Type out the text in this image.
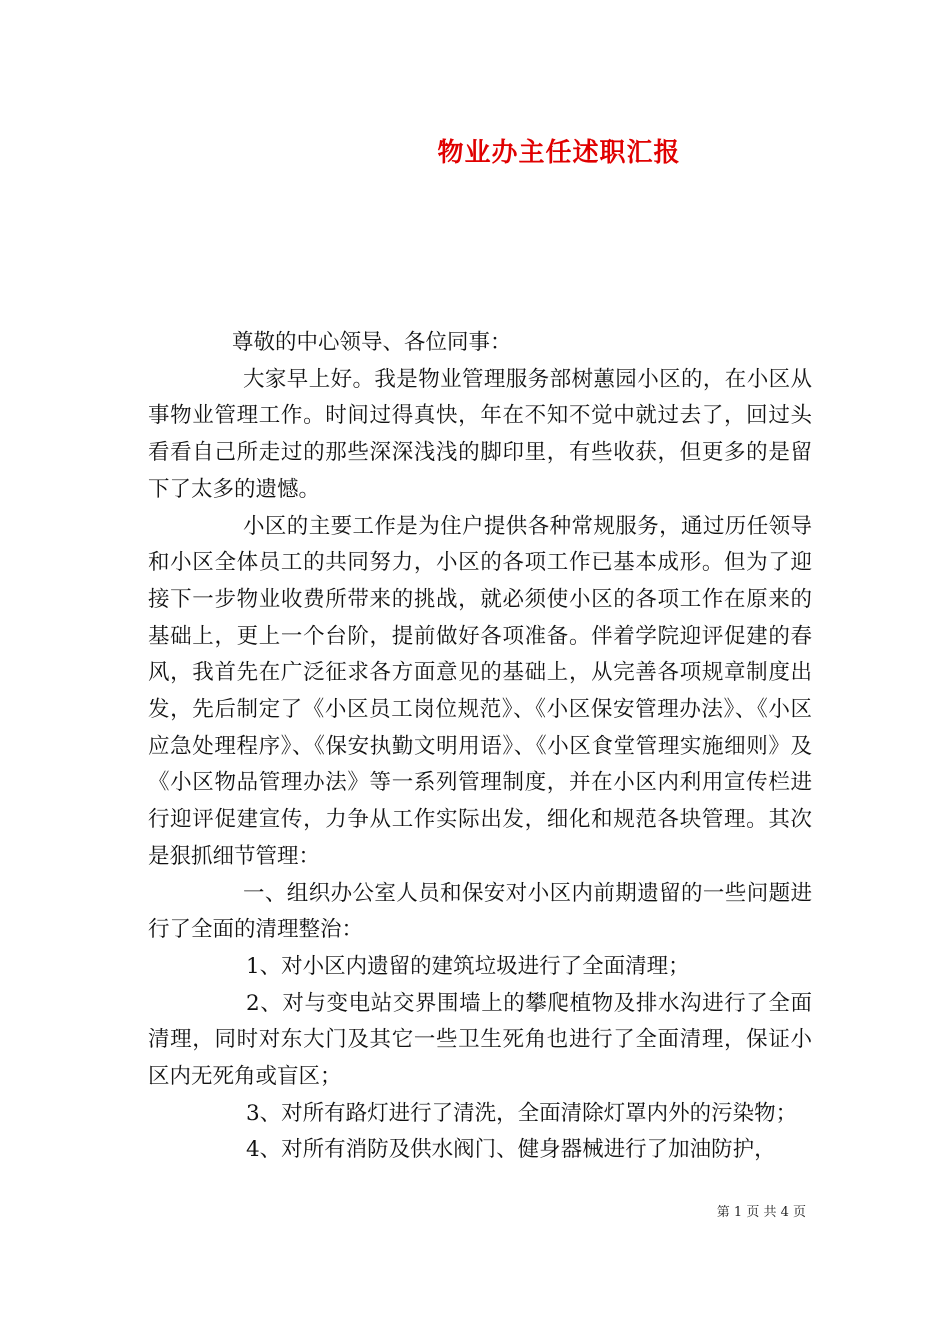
物业办主任述职汇报

尊敬的中心领导、各位同事：

大家早上好。我是物业管理服务部树蕙园小区的，在小区从事物业管理工作。时间过得真快，年在不知不觉中就过去了，回过头看看自己所走过的那些深深浅浅的脚印里，有些收获，但更多的是留下了太多的遗憾。

小区的主要工作是为住户提供各种常规服务，通过历任领导和小区全体员工的共同努力，小区的各项工作已基本成形。但为了迎接下一步物业收费所带来的挑战，就必须使小区的各项工作在原来的基础上，更上一个台阶，提前做好各项准备。伴着学院迎评促建的春风，我首先在广泛征求各方面意见的基础上，从完善各项规章制度出发，先后制定了《小区员工岗位规范》、《小区保安管理办法》、《小区应急处理程序》、《保安执勤文明用语》、《小区食堂管理实施细则》及《小区物品管理办法》等一系列管理制度，并在小区内利用宣传栏进行迎评促建宣传，力争从工作实际出发，细化和规范各块管理。其次是狠抓细节管理：

一、组织办公室人员和保安对小区内前期遗留的一些问题进行了全面的清理整治：

1、对小区内遗留的建筑垃圾进行了全面清理；

2、对与变电站交界围墙上的攀爬植物及排水沟进行了全面清理，同时对东大门及其它一些卫生死角也进行了全面清理，保证小区内无死角或盲区；

3、对所有路灯进行了清洗，全面清除灯罩内外的污染物；

4、对所有消防及供水阀门、健身器械进行了加油防护，

第 1 页 共 4 页
